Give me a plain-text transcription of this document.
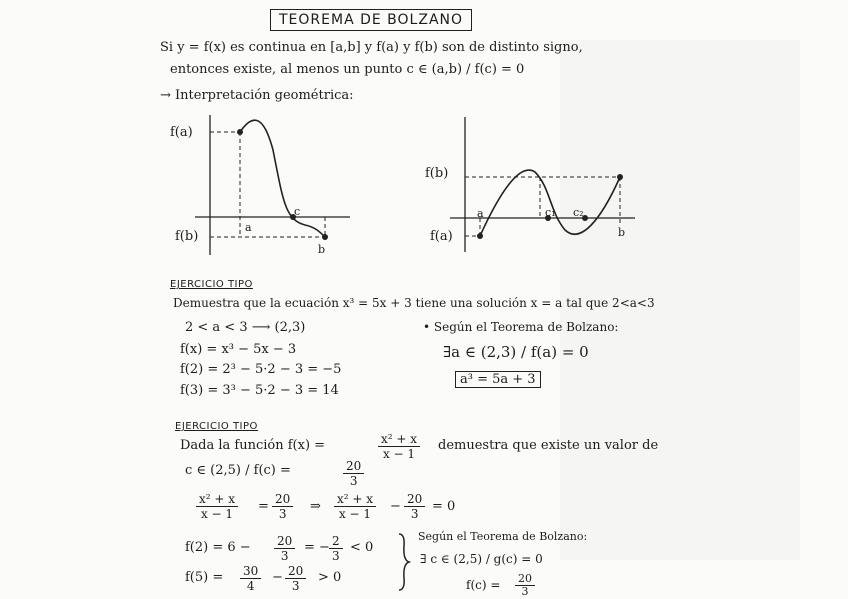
TEOREMA DE BOLZANO
Si y = f(x) es continua en [a,b] y f(a) y f(b) son de distinto signo,
entonces existe, al menos un punto c ∈ (a,b) / f(c) = 0
→ Interpretación geométrica:
f(a)
f(b)
a
c
b
f(b)
f(a)
a	c₁ c₂
b
EJERCICIO TIPO
Demuestra que la ecuación x³ = 5x + 3 tiene una solución x = a tal que 2<a<3
2 < a < 3 ⟶ (2,3)
f(x) = x³ − 5x − 3
f(2) = 2³ − 5·2 − 3 = −5
f(3) = 3³ − 5·2 − 3 = 14
• Según el Teorema de Bolzano:
∃a ∈ (2,3) / f(a) = 0
a³ = 5a + 3
EJERCICIO TIPO
Dada la función f(x) =	$\frac{\text{x² + x}}{x - 1}$ demuestra que existe un valor de
c ∈ (2,5) / f(c) =	$\frac{20}{3}$
$\frac{\text{x² + x}}{x - 1} = \frac{20}{3}$ ⇒ $\frac{\text{x² + x}}{x - 1} - \frac{20}{3} = 0$
$f(2) = 6 - \frac{20}{3}$ = − $\frac{2}{3} < 0$
$f(5) = \frac{30}{4} - \frac{20}{3} > 0$
Según el Teorema de Bolzano:
∃ c ∈ (2,5) / g(c) = 0
$f(c) = \frac{20}{3}$
